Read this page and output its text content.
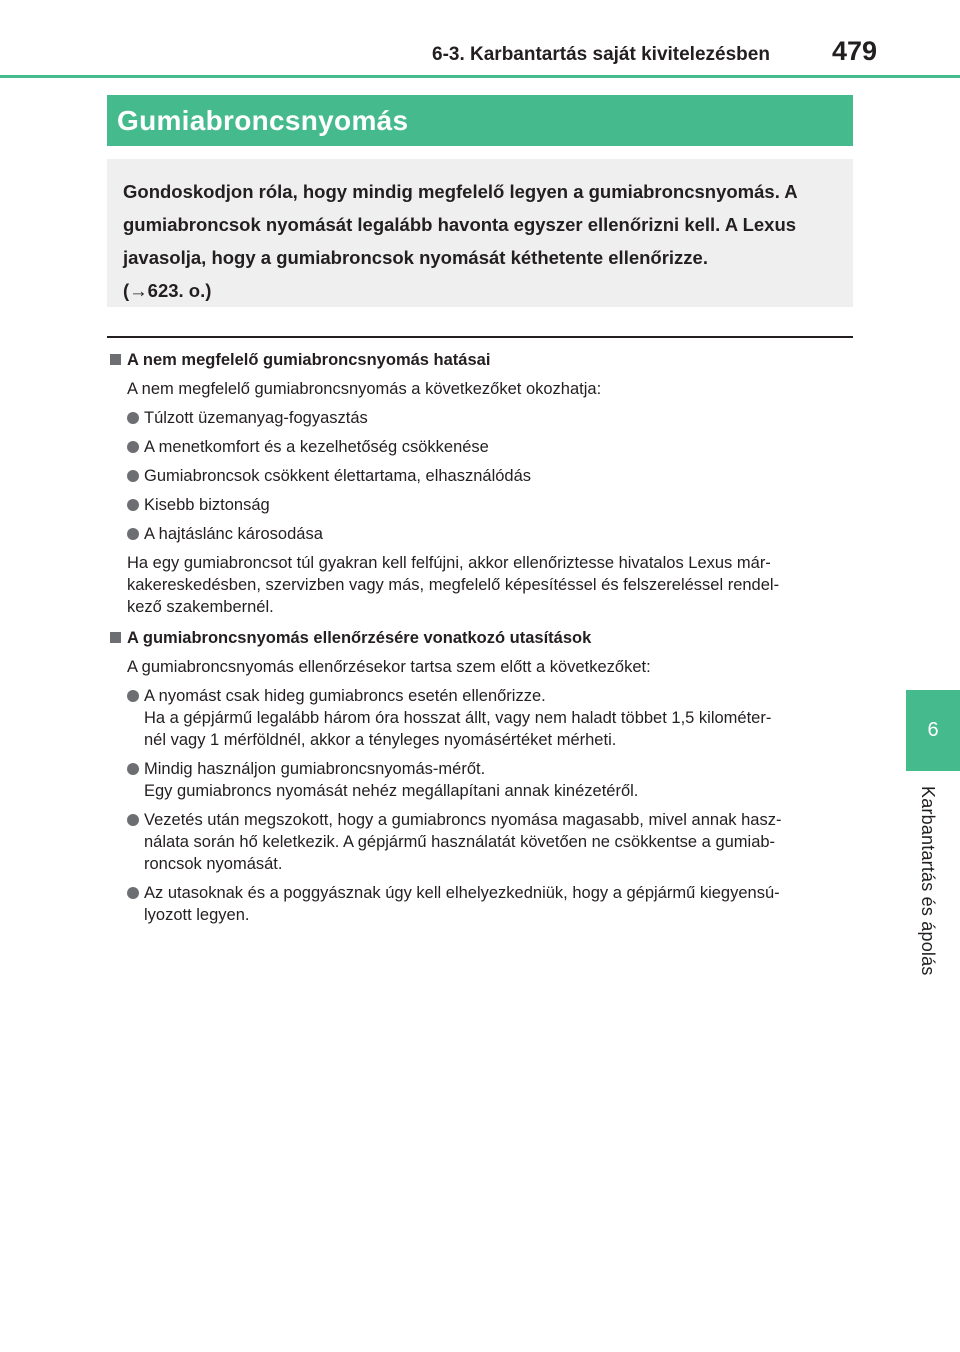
6-3. Karbantartás saját kivitelezésben	479
6
Karbantartás és ápolás
Gumiabroncsnyomás
Gondoskodjon róla, hogy mindig megfelelő legyen a gumiabroncsnyomás. A
gumiabroncsok nyomását legalább havonta egyszer ellenőrizni kell. A Lexus
javasolja, hogy a gumiabroncsok nyomását kéthetente ellenőrizze.
(→623. o.)
A nem megfelelő gumiabroncsnyomás hatásai
A nem megfelelő gumiabroncsnyomás a következőket okozhatja:
Túlzott üzemanyag-fogyasztás
A menetkomfort és a kezelhetőség csökkenése
Gumiabroncsok csökkent élettartama, elhasználódás
Kisebb biztonság
A hajtáslánc károsodása
Ha egy gumiabroncsot túl gyakran kell felfújni, akkor ellenőriztesse hivatalos Lexus már-
kakereskedésben, szervizben vagy más, megfelelő képesítéssel és felszereléssel rendel-
kező szakembernél.
A gumiabroncsnyomás ellenőrzésére vonatkozó utasítások
A gumiabroncsnyomás ellenőrzésekor tartsa szem előtt a következőket:
A nyomást csak hideg gumiabroncs esetén ellenőrizze.
Ha a gépjármű legalább három óra hosszat állt, vagy nem haladt többet 1,5 kilométer-
nél vagy 1 mérföldnél, akkor a tényleges nyomásértéket mérheti.
Mindig használjon gumiabroncsnyomás-mérőt.
Egy gumiabroncs nyomását nehéz megállapítani annak kinézetéről.
Vezetés után megszokott, hogy a gumiabroncs nyomása magasabb, mivel annak hasz-
nálata során hő keletkezik. A gépjármű használatát követően ne csökkentse a gumiab-
roncsok nyomását.
Az utasoknak és a poggyásznak úgy kell elhelyezkedniük, hogy a gépjármű kiegyensú-
lyozott legyen.
